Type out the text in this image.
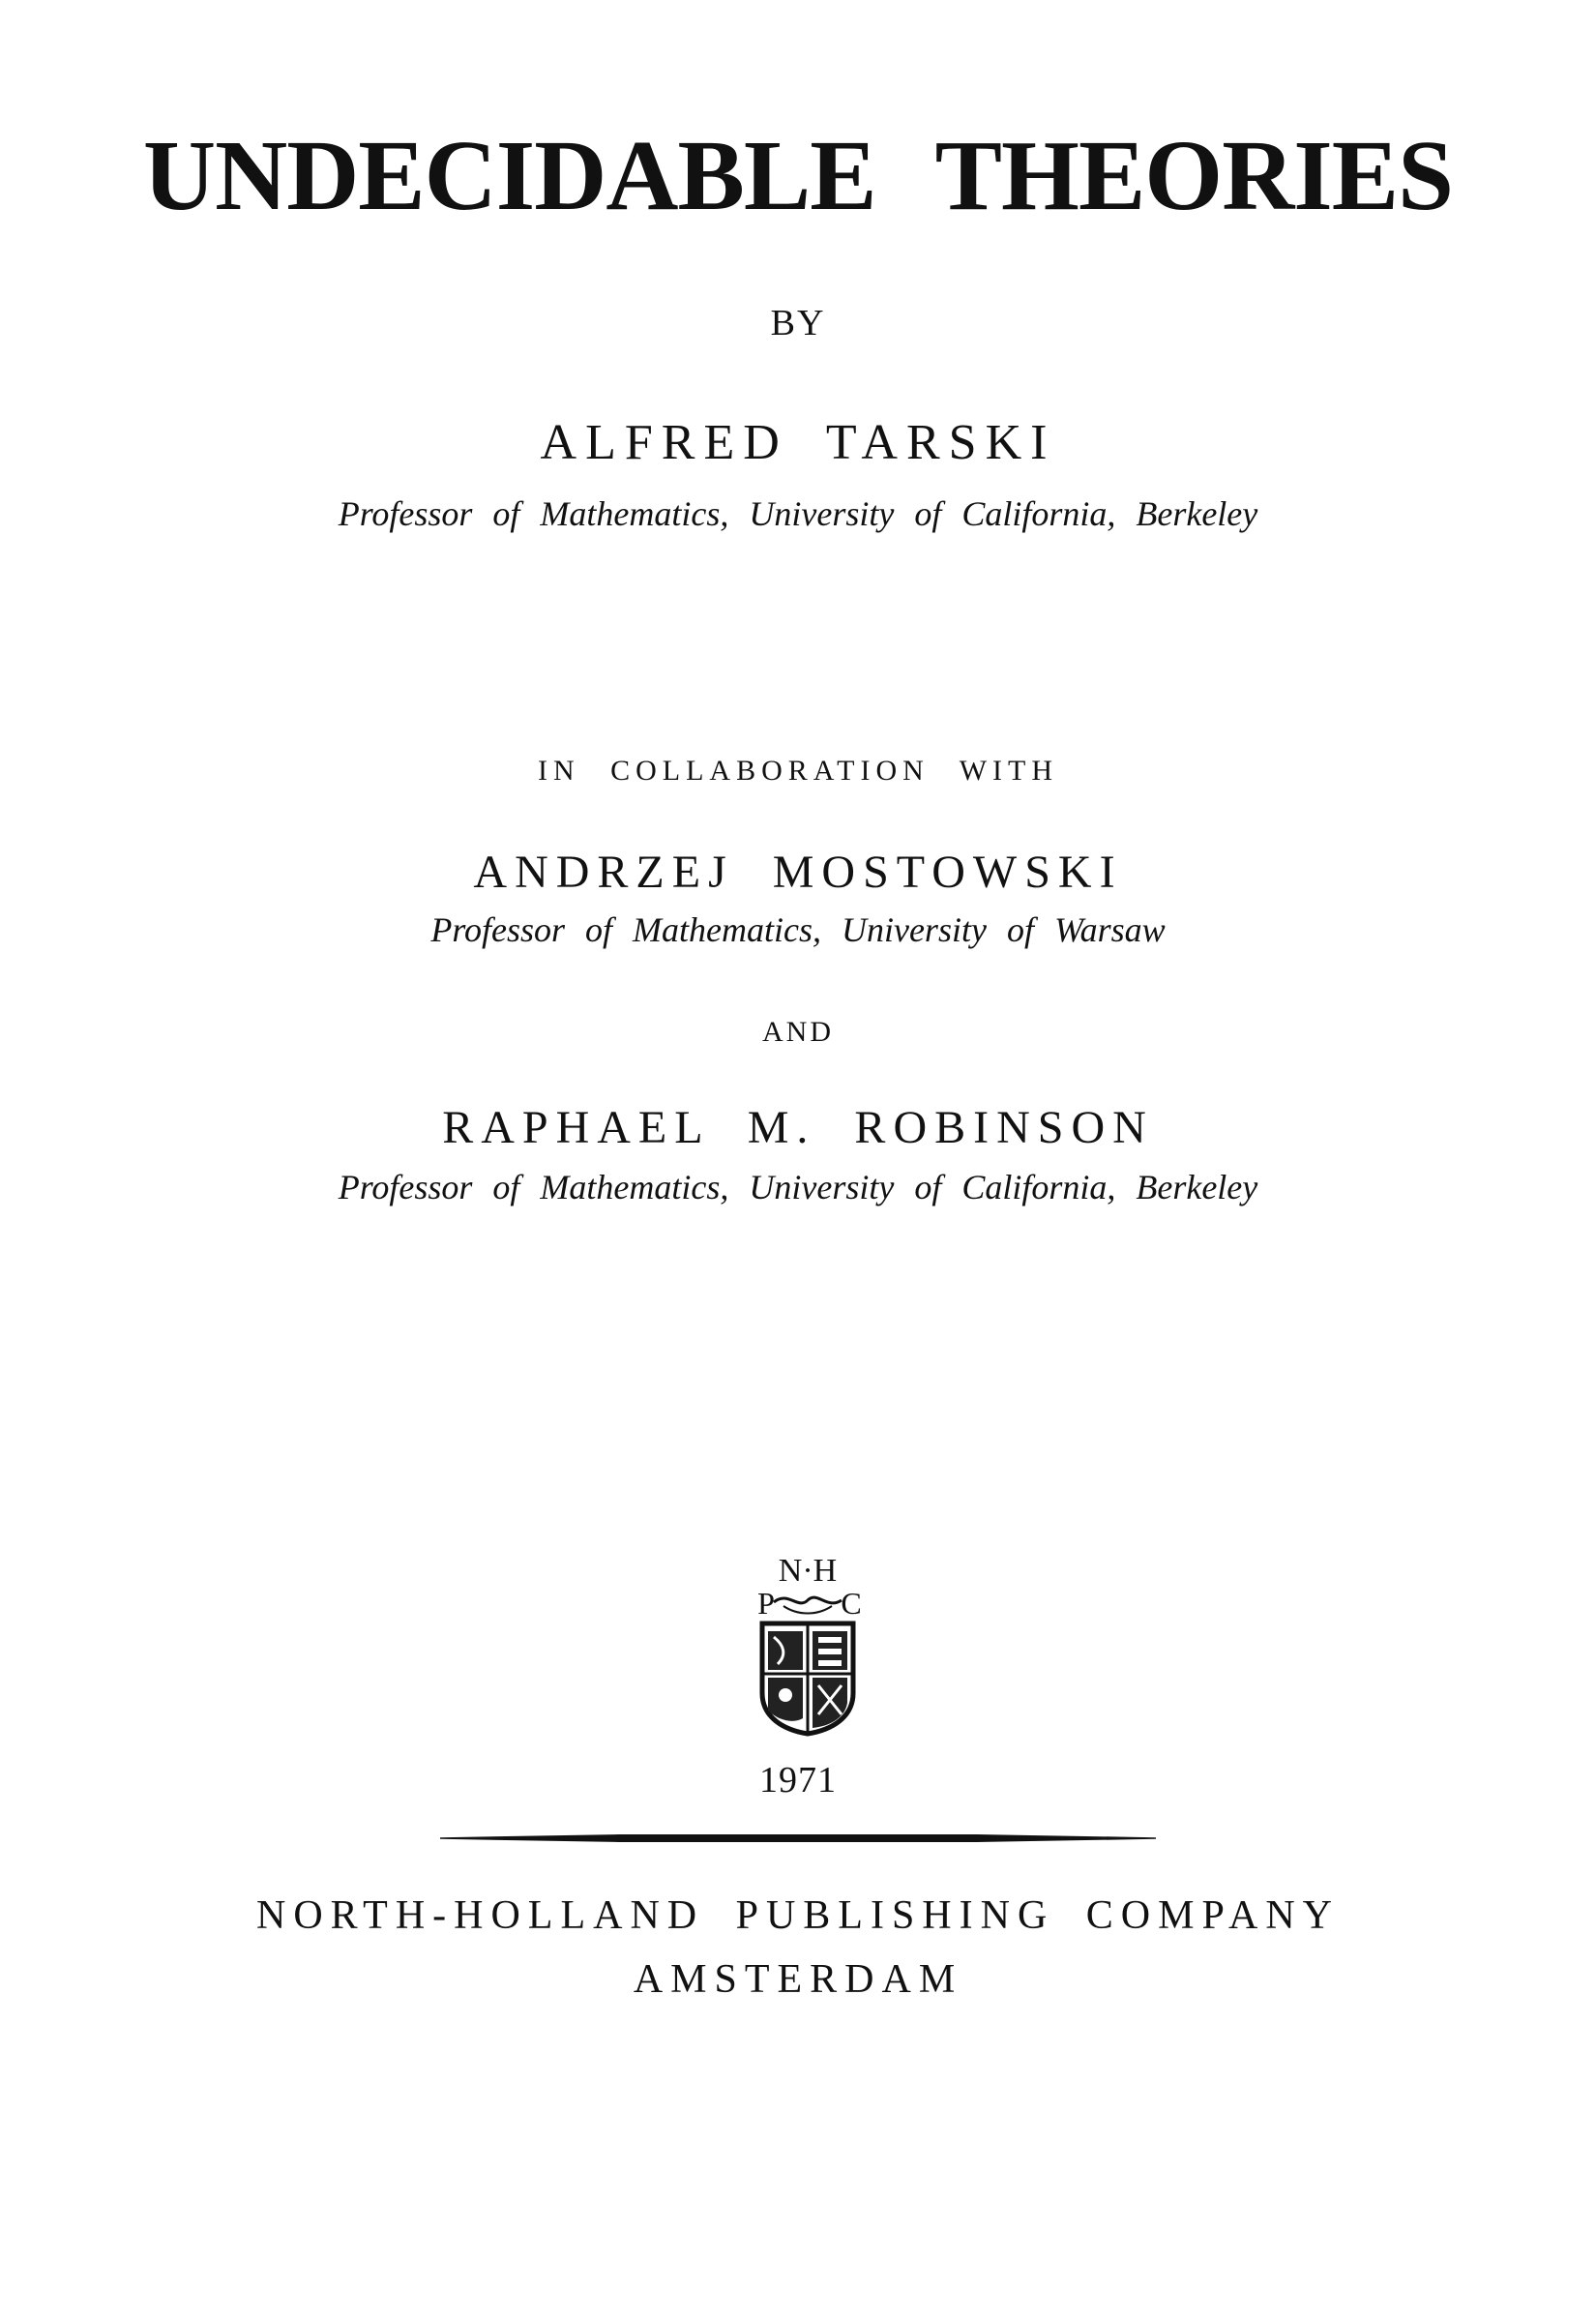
UNDECIDABLE THEORIES
BY
ALFRED TARSKI
Professor of Mathematics, University of California, Berkeley
IN COLLABORATION WITH
ANDRZEJ MOSTOWSKI
Professor of Mathematics, University of Warsaw
AND
RAPHAEL M. ROBINSON
Professor of Mathematics, University of California, Berkeley
N·H
P C
1971
NORTH-HOLLAND PUBLISHING COMPANY
AMSTERDAM
